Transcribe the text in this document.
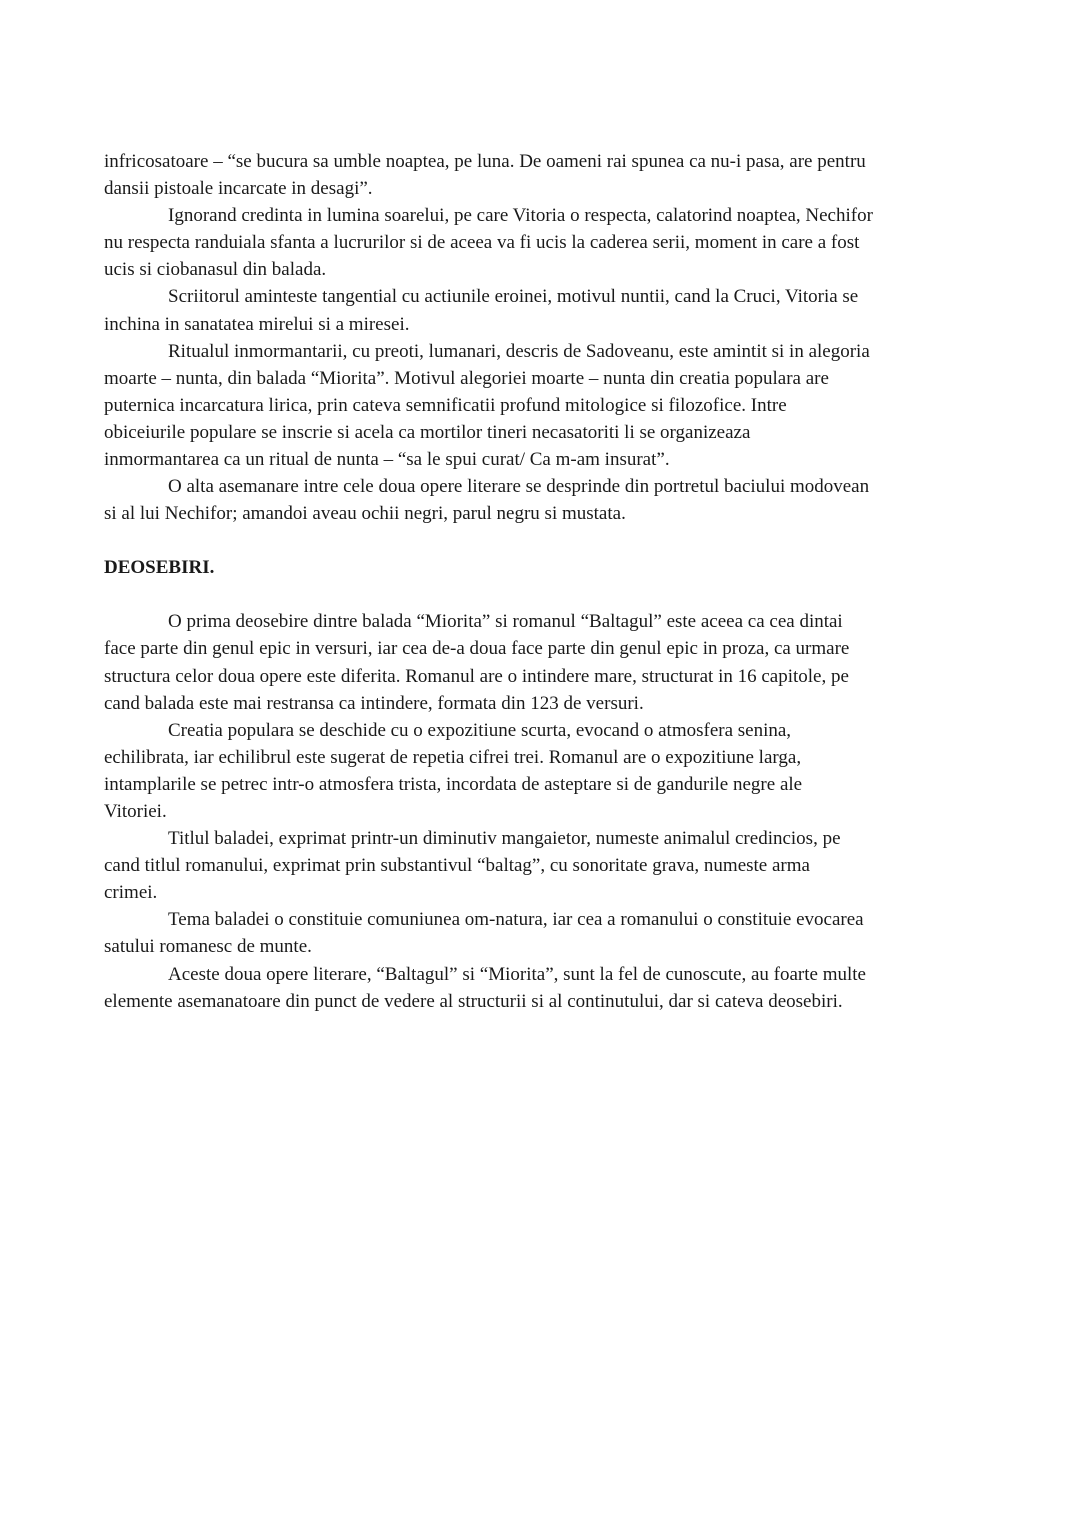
infricosatoare – “se bucura sa umble noaptea, pe luna. De oameni rai spunea ca nu-i pasa, are pentru
dansii pistoale incarcate in desagi”.
Ignorand credinta in lumina soarelui, pe care Vitoria o respecta, calatorind noaptea, Nechifor
nu respecta randuiala sfanta a lucrurilor si de aceea va fi ucis la caderea serii, moment in care a fost
ucis si ciobanasul din balada.
Scriitorul aminteste tangential cu actiunile eroinei, motivul nuntii, cand la Cruci, Vitoria se
inchina in sanatatea mirelui si a miresei.
Ritualul inmormantarii, cu preoti, lumanari, descris de Sadoveanu, este amintit si in alegoria
moarte – nunta, din balada “Miorita”. Motivul alegoriei moarte – nunta din creatia populara are
puternica incarcatura lirica, prin cateva semnificatii profund mitologice si filozofice. Intre
obiceiurile populare se inscrie si acela ca mortilor tineri necasatoriti li se organizeaza
inmormantarea ca un ritual de nunta – “sa le spui curat/ Ca m-am insurat”.
O alta asemanare intre cele doua opere literare se desprinde din portretul baciului modovean
si al lui Nechifor; amandoi aveau ochii negri, parul negru si mustata.
DEOSEBIRI.
O prima deosebire dintre balada “Miorita” si romanul “Baltagul” este aceea ca cea dintai
face parte din genul epic in versuri, iar cea de-a doua face parte din genul epic in proza, ca urmare
structura celor doua opere este diferita. Romanul are o intindere mare, structurat in 16 capitole, pe
cand balada este mai restransa ca intindere, formata din 123 de versuri.
Creatia populara se deschide cu o expozitiune scurta, evocand o atmosfera senina,
echilibrata, iar echilibrul este sugerat de repetia cifrei trei. Romanul are o expozitiune larga,
intamplarile se petrec intr-o atmosfera trista, incordata de asteptare si de gandurile negre ale
Vitoriei.
Titlul baladei, exprimat printr-un diminutiv mangaietor, numeste animalul credincios, pe
cand titlul romanului, exprimat prin substantivul “baltag”, cu sonoritate grava, numeste arma
crimei.
Tema baladei o constituie comuniunea om-natura, iar cea a romanului o constituie evocarea
satului romanesc de munte.
Aceste doua opere literare, “Baltagul” si “Miorita”, sunt la fel de cunoscute, au foarte multe
elemente asemanatoare din punct de vedere al structurii si al continutului, dar si cateva deosebiri.
